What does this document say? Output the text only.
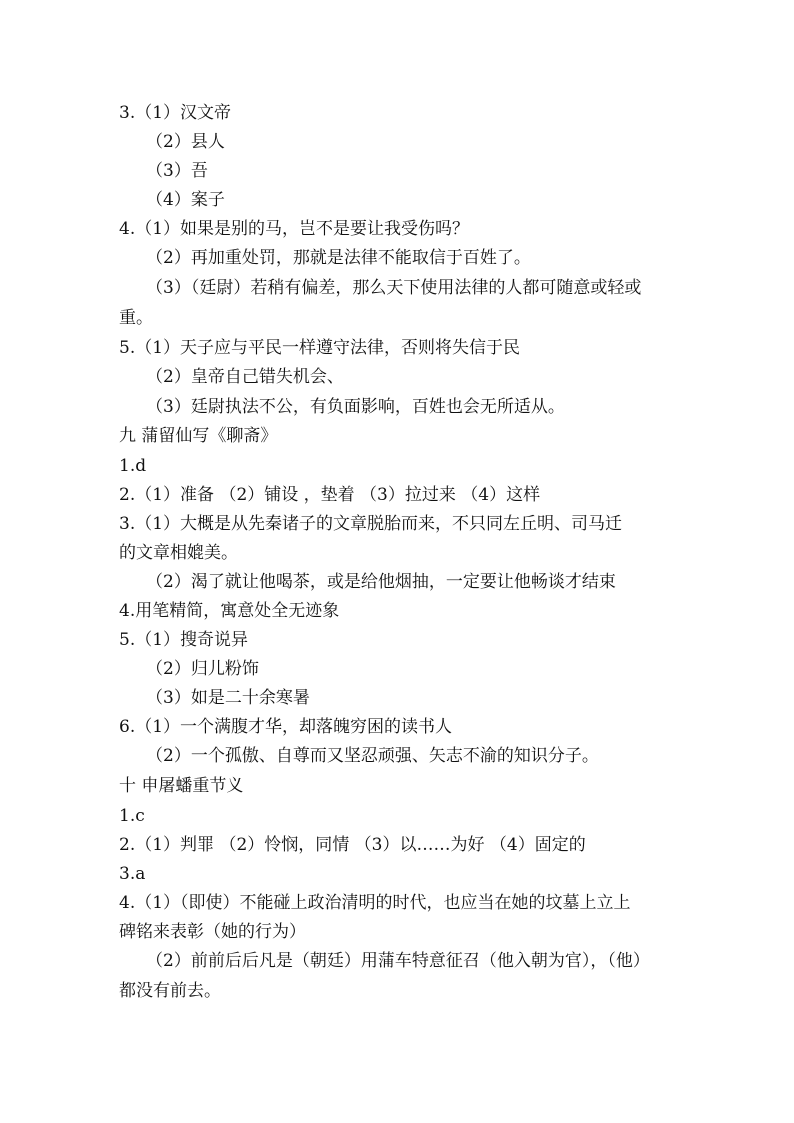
3.（1）汉文帝
（2）县人
（3）吾
（4）案子
4.（1）如果是别的马，岂不是要让我受伤吗？
（2）再加重处罚，那就是法律不能取信于百姓了。
（3）（廷尉）若稍有偏差，那么天下使用法律的人都可随意或轻或
重。
5.（1）天子应与平民一样遵守法律，否则将失信于民
（2）皇帝自己错失机会、
（3）廷尉执法不公，有负面影响，百姓也会无所适从。
九 蒲留仙写《聊斋》
1.d
2.（1）准备 （2）铺设 ，垫着 （3）拉过来 （4）这样
3.（1）大概是从先秦诸子的文章脱胎而来，不只同左丘明、司马迁
的文章相媲美。
（2）渴了就让他喝茶，或是给他烟抽，一定要让他畅谈才结束
4.用笔精简，寓意处全无迹象
5.（1）搜奇说异
（2）归儿粉饰
（3）如是二十余寒暑
6.（1）一个满腹才华，却落魄穷困的读书人
（2）一个孤傲、自尊而又坚忍顽强、矢志不渝的知识分子。
十 申屠蟠重节义
1.c
2.（1）判罪 （2）怜悯，同情 （3）以……为好 （4）固定的
3.a
4.（1）（即使）不能碰上政治清明的时代，也应当在她的坟墓上立上
碑铭来表彰（她的行为）
（2）前前后后凡是（朝廷）用蒲车特意征召（他入朝为官），（他）
都没有前去。
